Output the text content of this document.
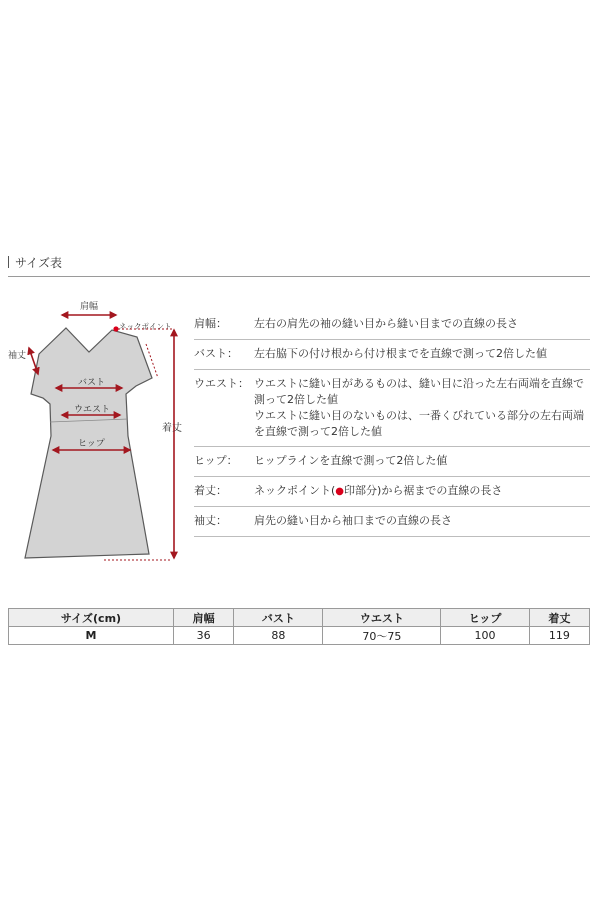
サイズ表
肩幅
ネックポイント
袖丈
バスト
ウエスト
ヒップ
着丈
肩幅：	左右の肩先の袖の縫い目から縫い目までの直線の長さ
バスト：	左右脇下の付け根から付け根までを直線で測って2倍した値
ウエスト： ウエストに縫い目があるものは、縫い目に沿った左右両端を直線で
測って2倍した値
ウエストに縫い目のないものは、一番くびれている部分の左右両端
を直線で測って2倍した値
ヒップ：	ヒップラインを直線で測って2倍した値
着丈：	ネックポイント(●印部分)から裾までの直線の長さ
袖丈：	肩先の縫い目から袖口までの直線の長さ
サイズ(cm)	肩幅	バスト	ウエスト	ヒップ	着丈
M	36	88	70〜75	100	119
